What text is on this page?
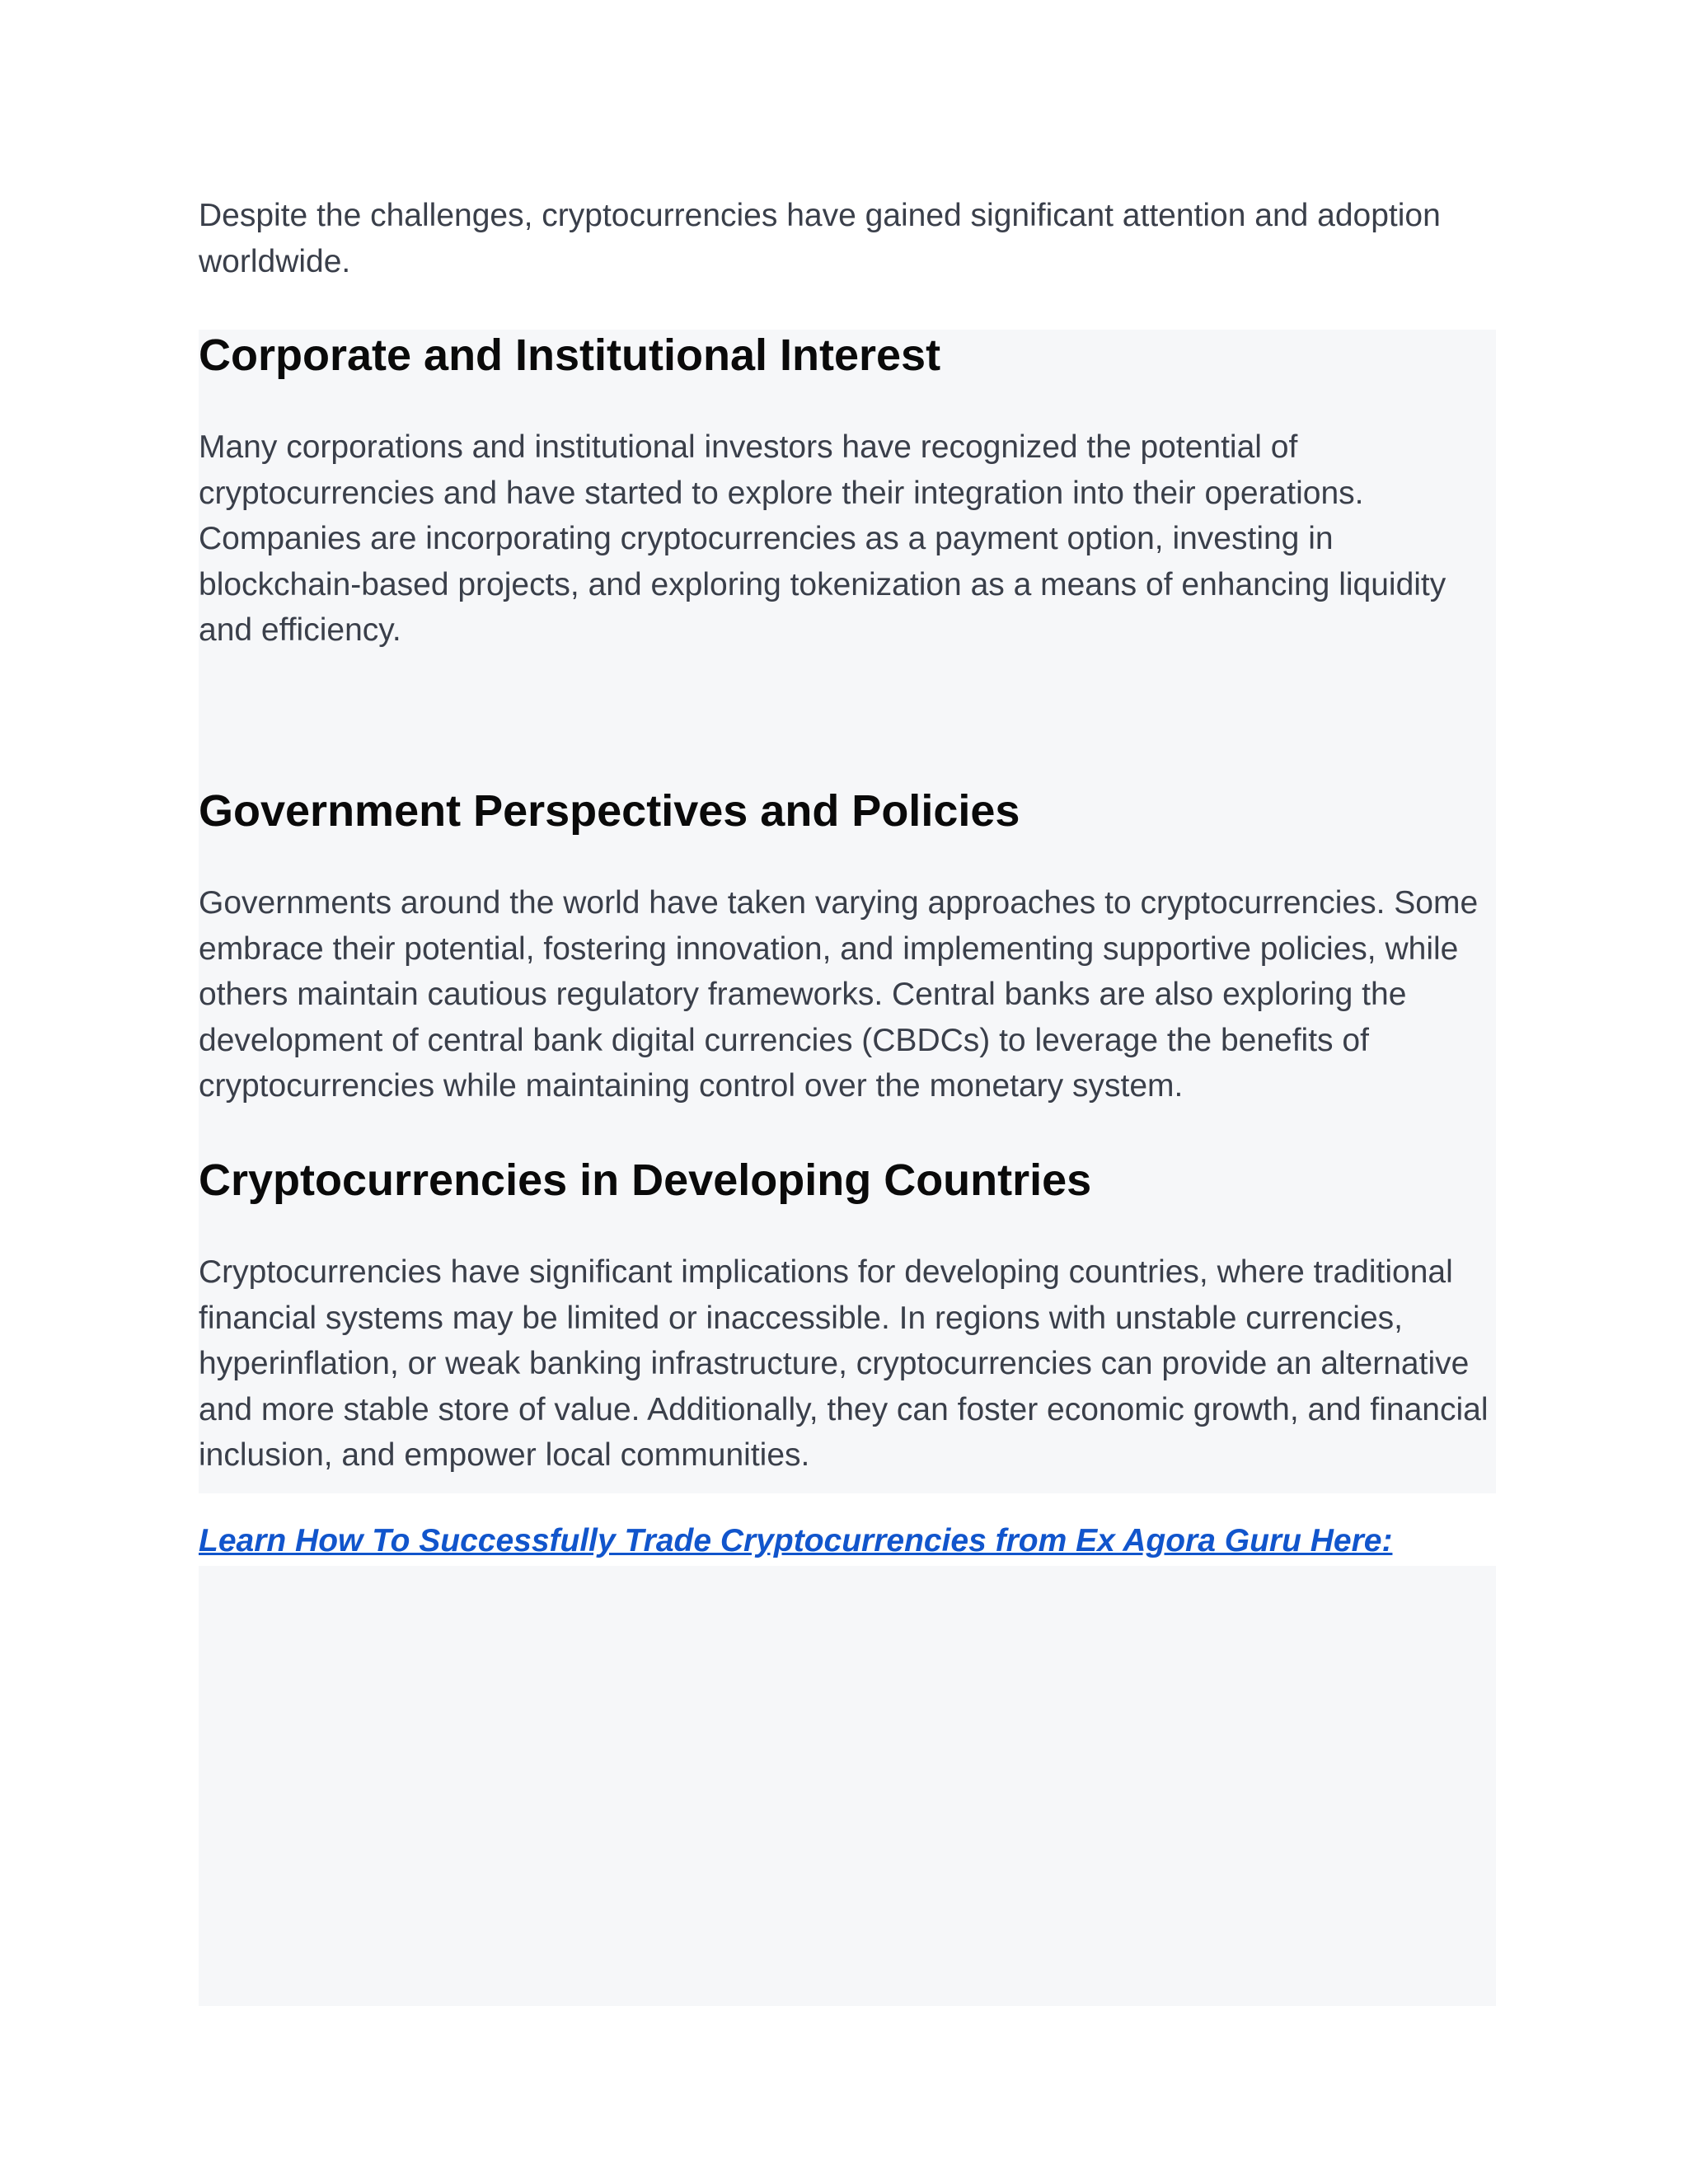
Despite the challenges, cryptocurrencies have gained significant attention and adoption worldwide.

Corporate and Institutional Interest

Many corporations and institutional investors have recognized the potential of cryptocurrencies and have started to explore their integration into their operations. Companies are incorporating cryptocurrencies as a payment option, investing in blockchain-based projects, and exploring tokenization as a means of enhancing liquidity and efficiency.

Government Perspectives and Policies

Governments around the world have taken varying approaches to cryptocurrencies. Some embrace their potential, fostering innovation, and implementing supportive policies, while others maintain cautious regulatory frameworks. Central banks are also exploring the development of central bank digital currencies (CBDCs) to leverage the benefits of cryptocurrencies while maintaining control over the monetary system.

Cryptocurrencies in Developing Countries

Cryptocurrencies have significant implications for developing countries, where traditional financial systems may be limited or inaccessible. In regions with unstable currencies, hyperinflation, or weak banking infrastructure, cryptocurrencies can provide an alternative and more stable store of value. Additionally, they can foster economic growth, and financial inclusion, and empower local communities.

Learn How To Successfully Trade Cryptocurrencies from Ex Agora Guru Here:
